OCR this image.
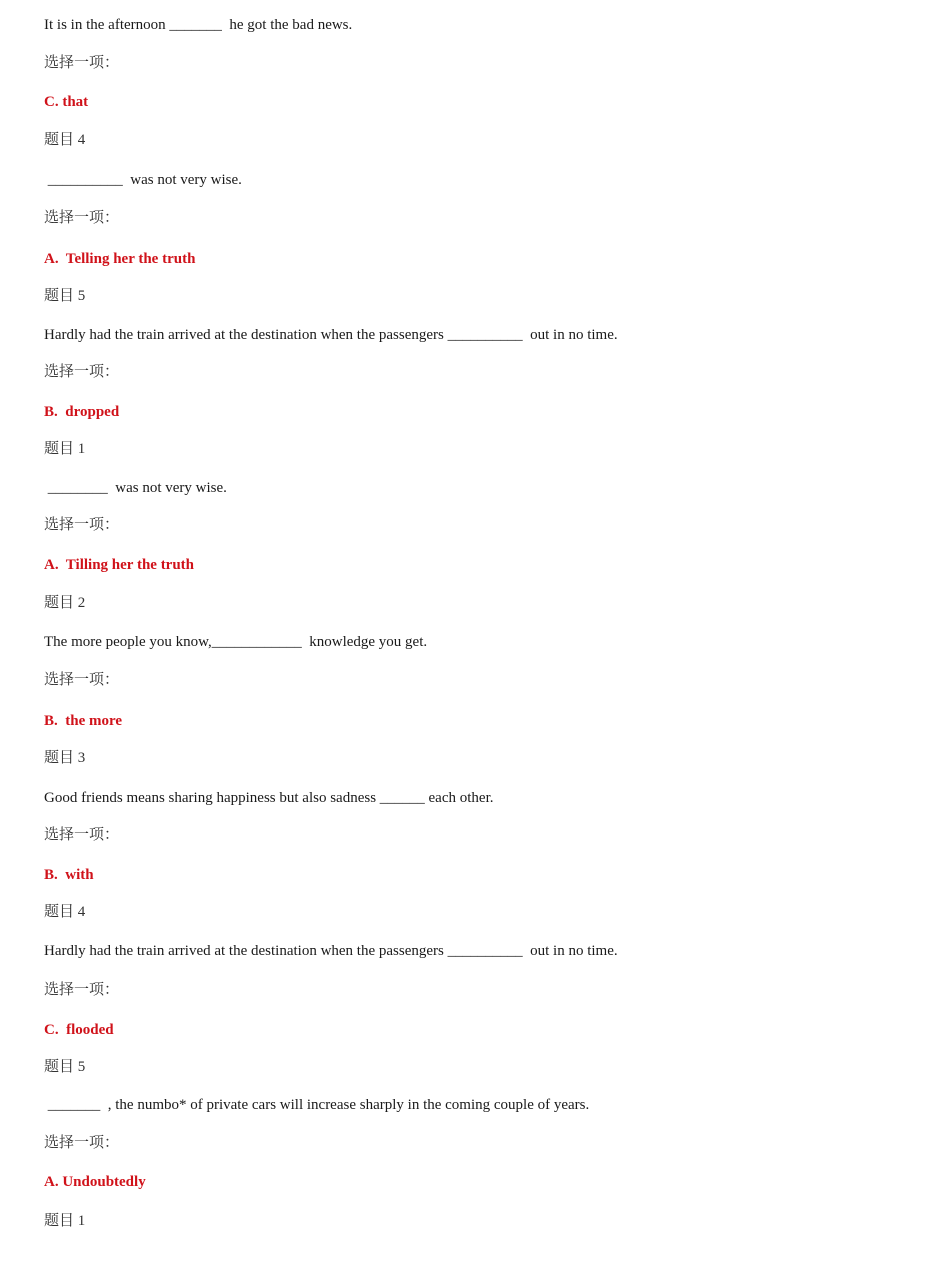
It is in the afternoon _______  he got the bad news.
选择一项：
C. that
题目 4
__________  was not very wise.
选择一项：
A.  Telling her the truth
题目 5
Hardly had the train arrived at the destination when the passengers __________  out in no time.
选择一项：
B.  dropped
题目 1
________  was not very wise.
选择一项：
A.  Tilling her the truth
题目 2
The more people you know,____________  knowledge you get.
选择一项：
B.  the more
题目 3
Good friends means sharing happiness but also sadness ______ each other.
选择一项：
B.  with
题目 4
Hardly had the train arrived at the destination when the passengers __________  out in no time.
选择一项：
C.  flooded
题目 5
_______  , the numbo* of private cars will increase sharply in the coming couple of years.
选择一项：
A. Undoubtedly
题目 1
